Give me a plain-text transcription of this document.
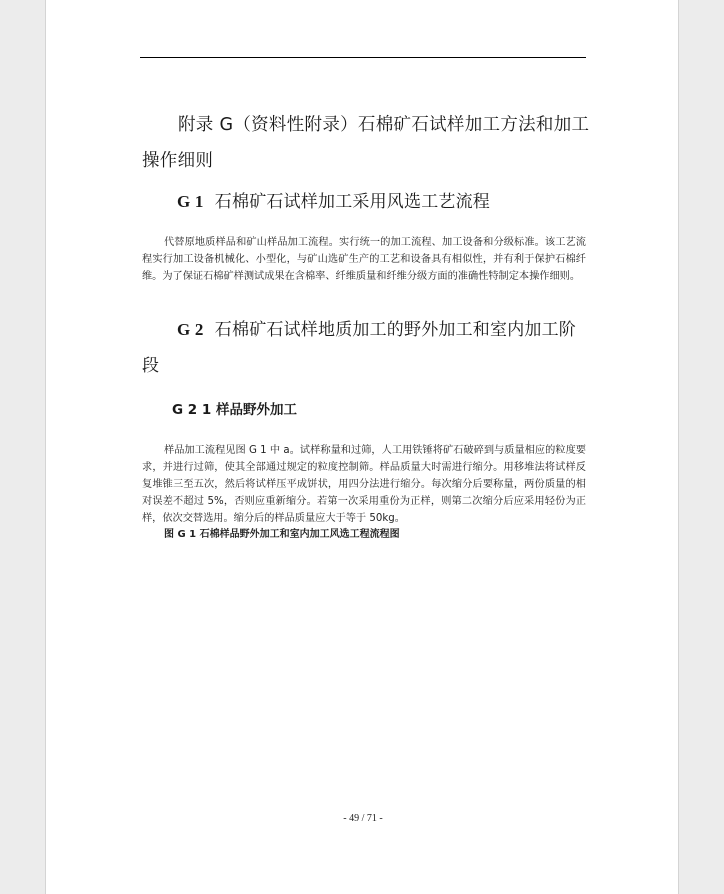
附录 G（资料性附录）石棉矿石试样加工方法和加工操作细则
G 1 石棉矿石试样加工采用风选工艺流程
代替原地质样品和矿山样品加工流程。实行统一的加工流程、加工设备和分级标准。该工艺流程实行加工设备机械化、小型化，与矿山选矿生产的工艺和设备具有相似性，并有利于保护石棉纤维。为了保证石棉矿样测试成果在含棉率、纤维质量和纤维分级方面的准确性特制定本操作细则。
G 2 石棉矿石试样地质加工的野外加工和室内加工阶段
G 2 1 样品野外加工
样品加工流程见图 G 1 中 a。试样称量和过筛，人工用铁锤将矿石破碎到与质量相应的粒度要求，并进行过筛，使其全部通过规定的粒度控制筛。样品质量大时需进行缩分。用移堆法将试样反复堆锥三至五次，然后将试样压平成饼状，用四分法进行缩分。每次缩分后要称量，两份质量的相对误差不超过 5%，否则应重新缩分。若第一次采用重份为正样，则第二次缩分后应采用轻份为正样，依次交替选用。缩分后的样品质量应大于等于 50kg。
图 G 1 石棉样品野外加工和室内加工风选工程流程图
- 49 / 71 -
